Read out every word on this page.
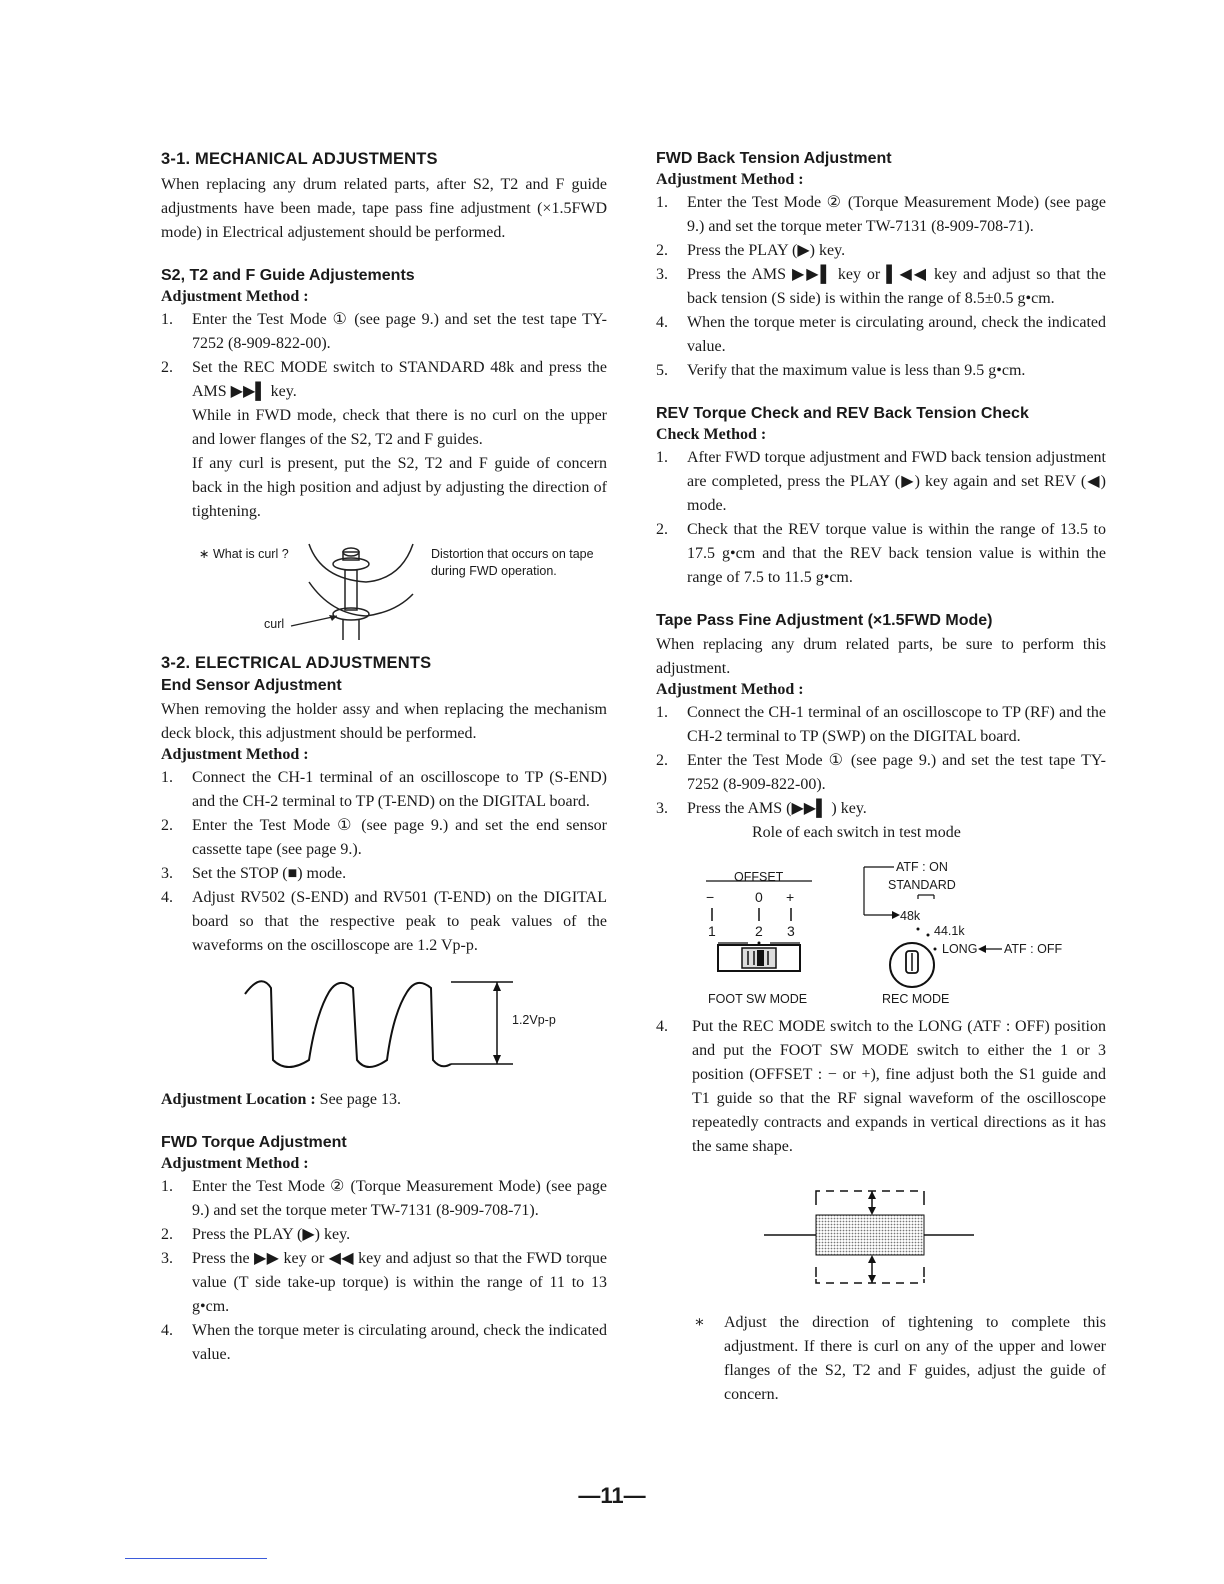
3-1. MECHANICAL ADJUSTMENTS

When replacing any drum related parts, after S2, T2 and F guide adjustments have been made, tape pass fine adjustment (×1.5FWD mode) in Electrical adjustement should be performed.

S2, T2 and F Guide Adjustements
Adjustment Method :
1. Enter the Test Mode ① (see page 9.) and set the test tape TY-7252 (8-909-822-00).
2. Set the REC MODE switch to STANDARD 48k and press the AMS ▶▶▌ key.

While in FWD mode, check that there is no curl on the upper and lower flanges of the S2, T2 and F guides.

If any curl is present, put the S2, T2 and F guide of concern back in the high position and adjust by adjusting the direction of tightening.

∗ What is curl ?
curl
Distortion that occurs on tape during FWD operation.
3-2. ELECTRICAL ADJUSTMENTS
End Sensor Adjustment

When removing the holder assy and when replacing the mechanism deck block, this adjustment should be performed.

Adjustment Method :
1. Connect the CH-1 terminal of an oscilloscope to TP (S-END) and the CH-2 terminal to TP (T-END) on the DIGITAL board.
2. Enter the Test Mode ① (see page 9.) and set the end sensor cassette tape (see page 9.).
3. Set the STOP (■) mode.
4. Adjust RV502 (S-END) and RV501 (T-END) on the DIGITAL board so that the respective peak to peak values of the waveforms on the oscilloscope are 1.2 Vp-p.
1.2Vp-p

Adjustment Location : See page 13.

FWD Torque Adjustment
Adjustment Method :
1. Enter the Test Mode ② (Torque Measurement Mode) (see page 9.) and set the torque meter TW-7131 (8-909-708-71).
2. Press the PLAY (▶) key.
3. Press the ▶▶ key or ◀◀ key and adjust so that the FWD torque value (T side take-up torque) is within the range of 11 to 13 g•cm.
4. When the torque meter is circulating around, check the indicated value.
FWD Back Tension Adjustment
Adjustment Method :
1. Enter the Test Mode ② (Torque Measurement Mode) (see page 9.) and set the torque meter TW-7131 (8-909-708-71).
2. Press the PLAY (▶) key.
3. Press the AMS ▶▶▌ key or ▌◀◀ key and adjust so that the back tension (S side) is within the range of 8.5±0.5 g•cm.
4. When the torque meter is circulating around, check the indicated value.
5. Verify that the maximum value is less than 9.5 g•cm.
REV Torque Check and REV Back Tension Check
Check Method :
1. After FWD torque adjustment and FWD back tension adjustment are completed, press the PLAY (▶) key again and set REV (◀) mode.
2. Check that the REV torque value is within the range of 13.5 to 17.5 g•cm and that the REV back tension value is within the range of 7.5 to 11.5 g•cm.
Tape Pass Fine Adjustment (×1.5FWD Mode)

When replacing any drum related parts, be sure to perform this adjustment.

Adjustment Method :
1. Connect the CH-1 terminal of an oscilloscope to TP (RF) and the CH-2 terminal to TP (SWP) on the DIGITAL board.
2. Enter the Test Mode ① (see page 9.) and set the test tape TY-7252 (8-909-822-00).
3. Press the AMS (▶▶▌ ) key.
Role of each switch in test mode
OFFSET
−	0 +
1	2 3
FOOT SW MODE
ATF : ON
STANDARD
48k
44.1k
LONG ATF : OFF
REC MODE
4. Put the REC MODE switch to the LONG (ATF : OFF) position and put the FOOT SW MODE switch to either the 1 or 3 position (OFFSET : − or +), fine adjust both the S1 guide and T1 guide so that the RF signal waveform of the oscilloscope repeatedly contracts and expands in vertical directions as it has the same shape.
∗ Adjust the direction of tightening to complete this adjustment. If there is curl on any of the upper and lower flanges of the S2, T2 and F guides, adjust the guide of concern.
—11—
